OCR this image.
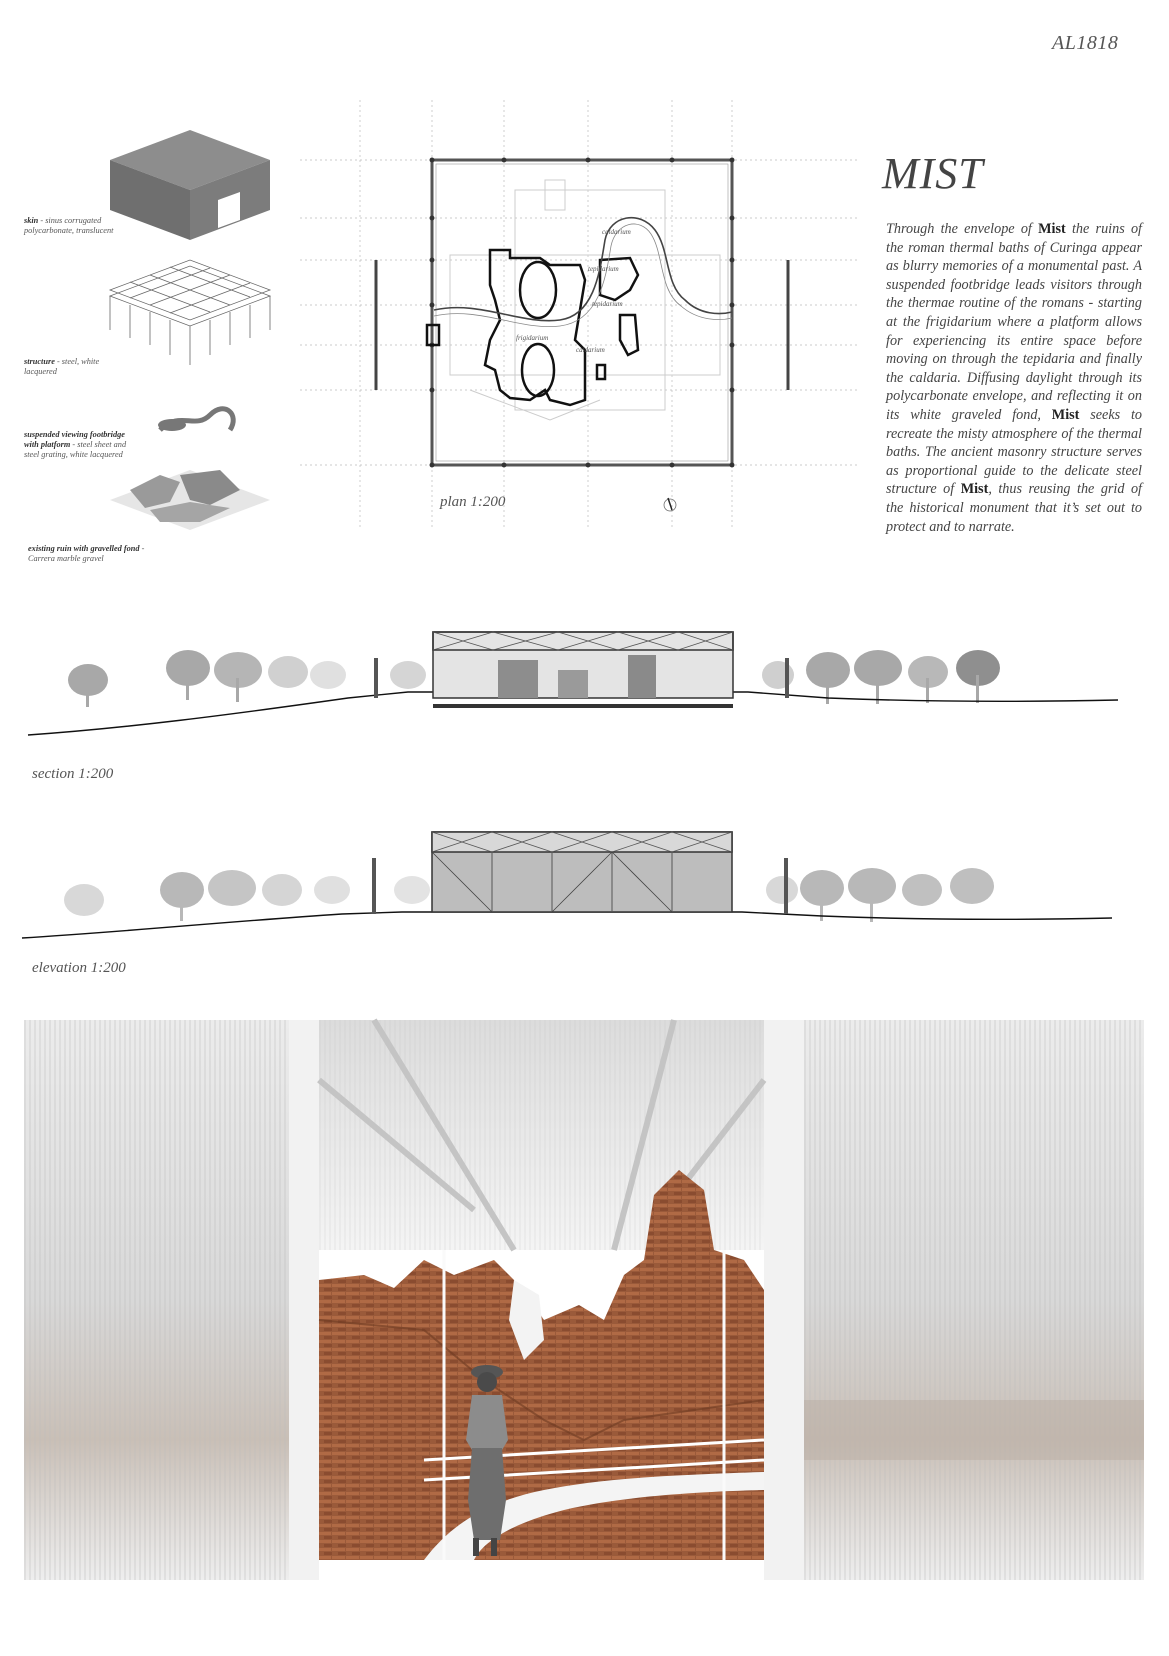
AL1818
MIST
Through the envelope of Mist the ruins of the roman thermal baths of Curinga appear as blurry memories of a monumental past. A suspended footbridge leads visitors through the thermae routine of the romans - starting at the frigidarium where a platform allows for experiencing its entire space before moving on through the tepidaria and finally the caldaria. Diffusing daylight through its polycarbonate envelope, and reflecting it on its white graveled fond, Mist seeks to recreate the misty atmosphere of the thermal baths. The ancient masonry structure serves as proportional guide to the delicate steel structure of Mist, thus reusing the grid of the historical monument that it’s set out to protect and to narrate.
skin - sinus corrugated polycarbonate, translucent
structure - steel, white lacquered
suspended viewing footbridge with platform - steel sheet and steel grating, white lacquered
existing ruin with gravelled fond - Carrera marble gravel
caldarium
tepidarium
tepidarium
frigidarium
caldarium
plan 1:200
section 1:200
elevation 1:200
